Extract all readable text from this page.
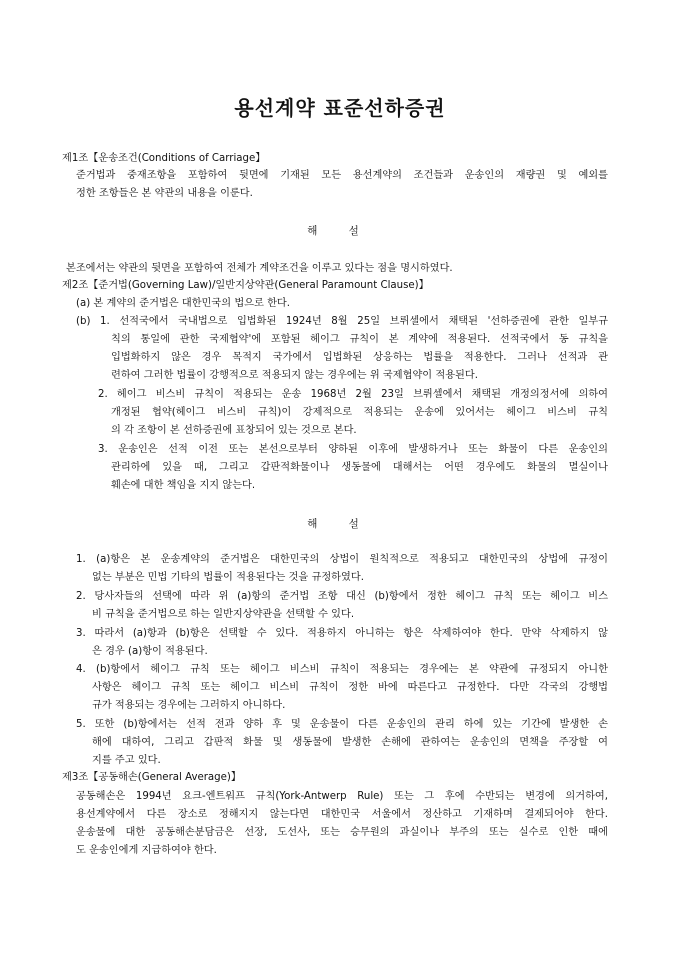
용선계약 표준선하증권
제1조【운송조건(Conditions of Carriage】
준거법과 중재조항을 포함하여 뒷면에 기재된 모든 용선계약의 조건들과 운송인의 재량권 및 예외를
정한 조항들은 본 약관의 내용을 이룬다.
해 설
본조에서는 약관의 뒷면을 포함하여 전체가 계약조건을 이루고 있다는 점을 명시하였다.
제2조【준거법(Governing Law)/일반지상약관(General Paramount Clause)】
(a) 본 계약의 준거법은 대한민국의 법으로 한다.
(b) 1. 선적국에서 국내법으로 입법화된 1924년 8월 25일 브뤼셀에서 채택된 '선하증권에 관한 일부규
칙의 통일에 관한 국제협약'에 포함된 헤이그 규칙이 본 계약에 적용된다. 선적국에서 동 규칙을
입법화하지 않은 경우 목적지 국가에서 입법화된 상응하는 법률을 적용한다. 그러나 선적과 관
련하여 그러한 법률이 강행적으로 적용되지 않는 경우에는 위 국제협약이 적용된다.
2. 헤이그 비스비 규칙이 적용되는 운송 1968년 2월 23일 브뤼셀에서 채택된 개정의정서에 의하여
개정된 협약(헤이그 비스비 규칙)이 강제적으로 적용되는 운송에 있어서는 헤이그 비스비 규칙
의 각 조항이 본 선하증권에 표창되어 있는 것으로 본다.
3. 운송인은 선적 이전 또는 본선으로부터 양하된 이후에 발생하거나 또는 화물이 다른 운송인의
관리하에 있을 때, 그리고 갑판적화물이나 생동물에 대해서는 어떤 경우에도 화물의 멸실이나
훼손에 대한 책임을 지지 않는다.
해 설
1. (a)항은 본 운송계약의 준거법은 대한민국의 상법이 원칙적으로 적용되고 대한민국의 상법에 규정이
없는 부분은 민법 기타의 법률이 적용된다는 것을 규정하였다.
2. 당사자들의 선택에 따라 위 (a)항의 준거법 조항 대신 (b)항에서 정한 헤이그 규칙 또는 헤이그 비스
비 규칙을 준거법으로 하는 일반지상약관을 선택할 수 있다.
3. 따라서 (a)항과 (b)항은 선택할 수 있다. 적용하지 아니하는 항은 삭제하여야 한다. 만약 삭제하지 않
은 경우 (a)항이 적용된다.
4. (b)항에서 헤이그 규칙 또는 헤이그 비스비 규칙이 적용되는 경우에는 본 약관에 규정되지 아니한
사항은 헤이그 규칙 또는 헤이그 비스비 규칙이 정한 바에 따른다고 규정한다. 다만 각국의 강행법
규가 적용되는 경우에는 그러하지 아니하다.
5. 또한 (b)항에서는 선적 전과 양하 후 및 운송물이 다른 운송인의 관리 하에 있는 기간에 발생한 손
해에 대하여, 그리고 갑판적 화물 및 생동물에 발생한 손해에 관하여는 운송인의 면책을 주장할 여
지를 주고 있다.
제3조【공동해손(General Average)】
공동해손은 1994년 요크-엔트워프 규칙(York-Antwerp Rule) 또는 그 후에 수반되는 변경에 의거하여,
용선계약에서 다른 장소로 정해지지 않는다면 대한민국 서울에서 정산하고 기재하며 결제되어야 한다.
운송물에 대한 공동해손분담금은 선장, 도선사, 또는 승무원의 과실이나 부주의 또는 실수로 인한 때에
도 운송인에게 지급하여야 한다.
